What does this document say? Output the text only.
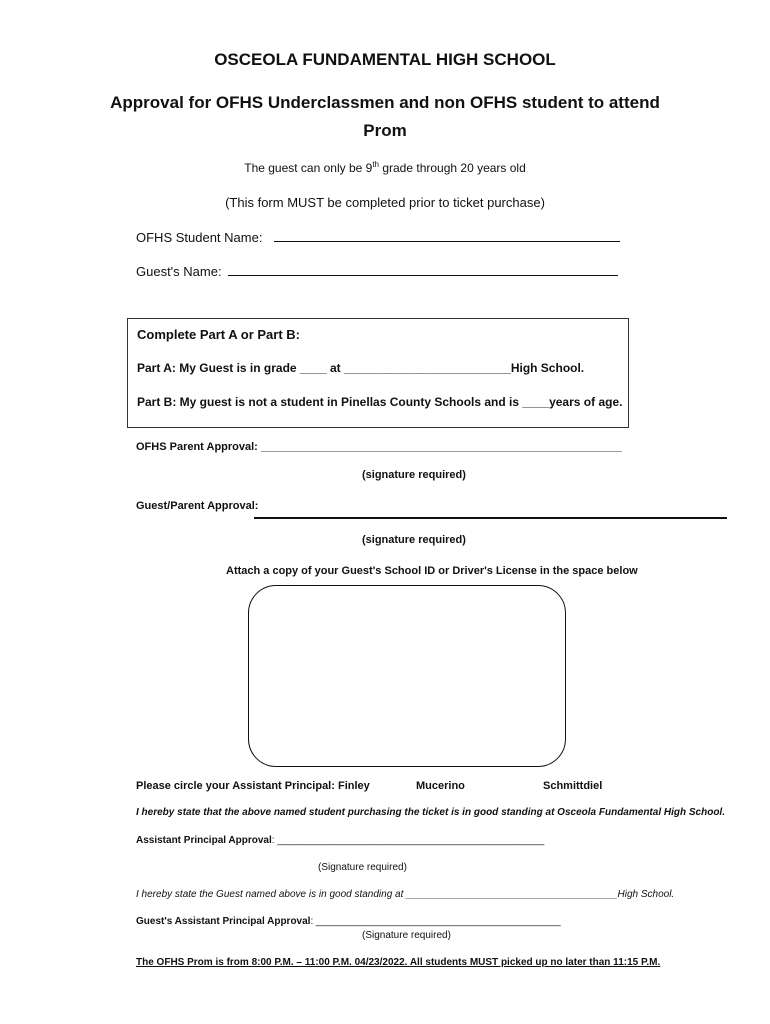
OSCEOLA FUNDAMENTAL HIGH SCHOOL
Approval for OFHS Underclassmen and non OFHS student to attend
Prom
The guest can only be 9th grade through 20 years old
(This form MUST be completed prior to ticket purchase)
OFHS Student Name:
Guest's Name:
Complete Part A or Part B:
Part A: My Guest is in grade ____ at _________________________High School.
Part B: My guest is not a student in Pinellas County Schools and is ____years of age.
OFHS Parent Approval: ___________________________________________________________
(signature required)
Guest/Parent Approval:
(signature required)
Attach a copy of your Guest's School ID or Driver's License in the space below
Please circle your Assistant Principal: Finley	Mucerino	Schmittdiel
I hereby state that the above named student purchasing the ticket is in good standing at Osceola Fundamental High School.
Assistant Principal Approval: ________________________________________________
(Signature required)
I hereby state the Guest named above is in good standing at ______________________________________High School.
Guest's Assistant Principal Approval: ____________________________________________
(Signature required)
The OFHS Prom is from 8:00 P.M. – 11:00 P.M. 04/23/2022. All students MUST picked up no later than 11:15 P.M.
